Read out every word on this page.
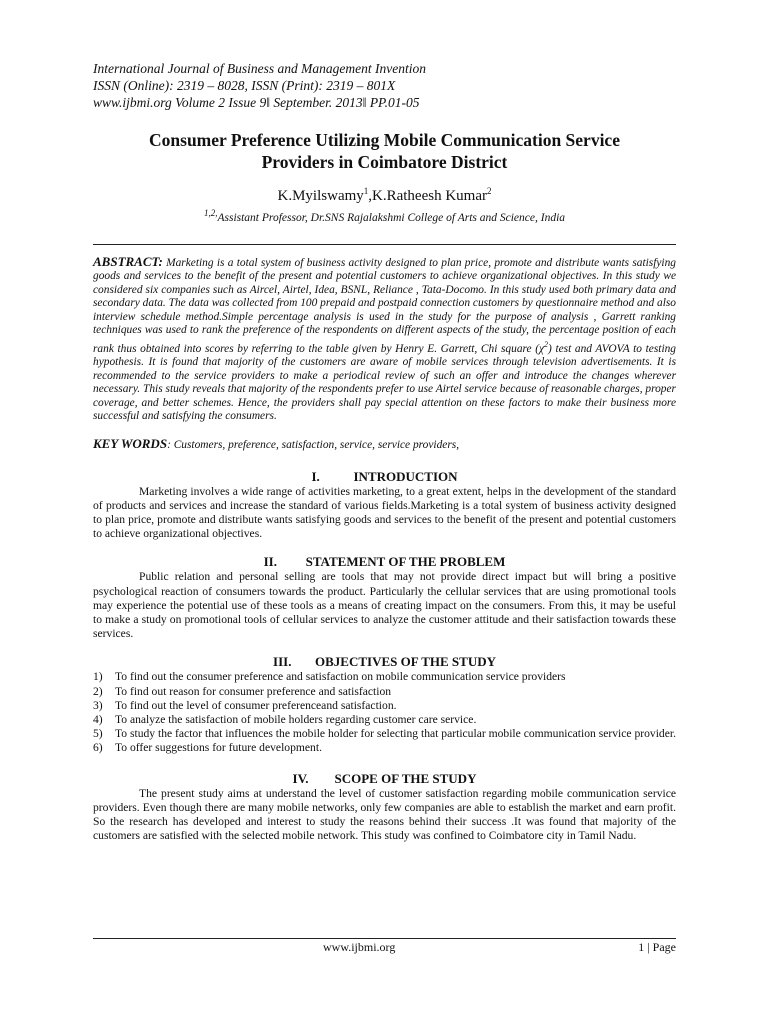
International Journal of Business and Management Invention
ISSN (Online): 2319 – 8028, ISSN (Print): 2319 – 801X
www.ijbmi.org Volume 2 Issue 9ǁ September. 2013ǁ PP.01-05
Consumer Preference Utilizing Mobile Communication Service
Providers in Coimbatore District
K.Myilswamy$^1$,K.Ratheesh Kumar$^2$
$^{1,2,}$Assistant Professor, Dr.SNS Rajalakshmi College of Arts and Science, India
ABSTRACT: Marketing is a total system of business activity designed to plan price, promote and distribute wants satisfying goods and services to the benefit of the present and potential customers to achieve organizational objectives. In this study we considered six companies such as Aircel, Airtel, Idea, BSNL, Reliance , Tata-Docomo. In this study used both primary data and secondary data. The data was collected from 100 prepaid and postpaid connection customers by questionnaire method and also interview schedule method.Simple percentage analysis is used in the study for the purpose of analysis , Garrett ranking techniques was used to rank the preference of the respondents on different aspects of the study, the percentage position of each rank thus obtained into scores by referring to the table given by Henry E. Garrett, Chi square $(\chi^2)$ test and AVOVA to testing hypothesis. It is found that majority of the customers are aware of mobile services through television advertisements. It is recommended to the service providers to make a periodical review of such an offer and introduce the changes wherever necessary. This study reveals that majority of the respondents prefer to use Airtel service because of reasonable charges, proper coverage, and better schemes. Hence, the providers shall pay special attention on these factors to make their business more successful and satisfying the consumers.
KEY WORDS: Customers, preference, satisfaction, service, service providers,
I.	INTRODUCTION
Marketing involves a wide range of activities marketing, to a great extent, helps in the development of the standard of products and services and increase the standard of various fields.Marketing is a total system of business activity designed to plan price, promote and distribute wants satisfying goods and services to the benefit of the present and potential customers to achieve organizational objectives.
II. STATEMENT OF THE PROBLEM
Public relation and personal selling are tools that may not provide direct impact but will bring a positive psychological reaction of consumers towards the product. Particularly the cellular services that are using promotional tools may experience the potential use of these tools as a means of creating impact on the consumers. From this, it may be useful to make a study on promotional tools of cellular services to analyze the customer attitude and their satisfaction towards these services.
III. OBJECTIVES OF THE STUDY
1)	To find out the consumer preference and satisfaction on mobile communication service providers
2)	To find out reason for consumer preference and satisfaction
3)	To find out the level of consumer preferenceand satisfaction.
4)	To analyze the satisfaction of mobile holders regarding customer care service.
5)	To study the factor that influences the mobile holder for selecting that particular mobile communication service provider.
6)	To offer suggestions for future development.
IV. SCOPE OF THE STUDY
The present study aims at understand the level of customer satisfaction regarding mobile communication service providers. Even though there are many mobile networks, only few companies are able to establish the market and earn profit. So the research has developed and interest to study the reasons behind their success .It was found that majority of the customers are satisfied with the selected mobile network. This study was confined to Coimbatore city in Tamil Nadu.
www.ijbmi.org	1 | Page
